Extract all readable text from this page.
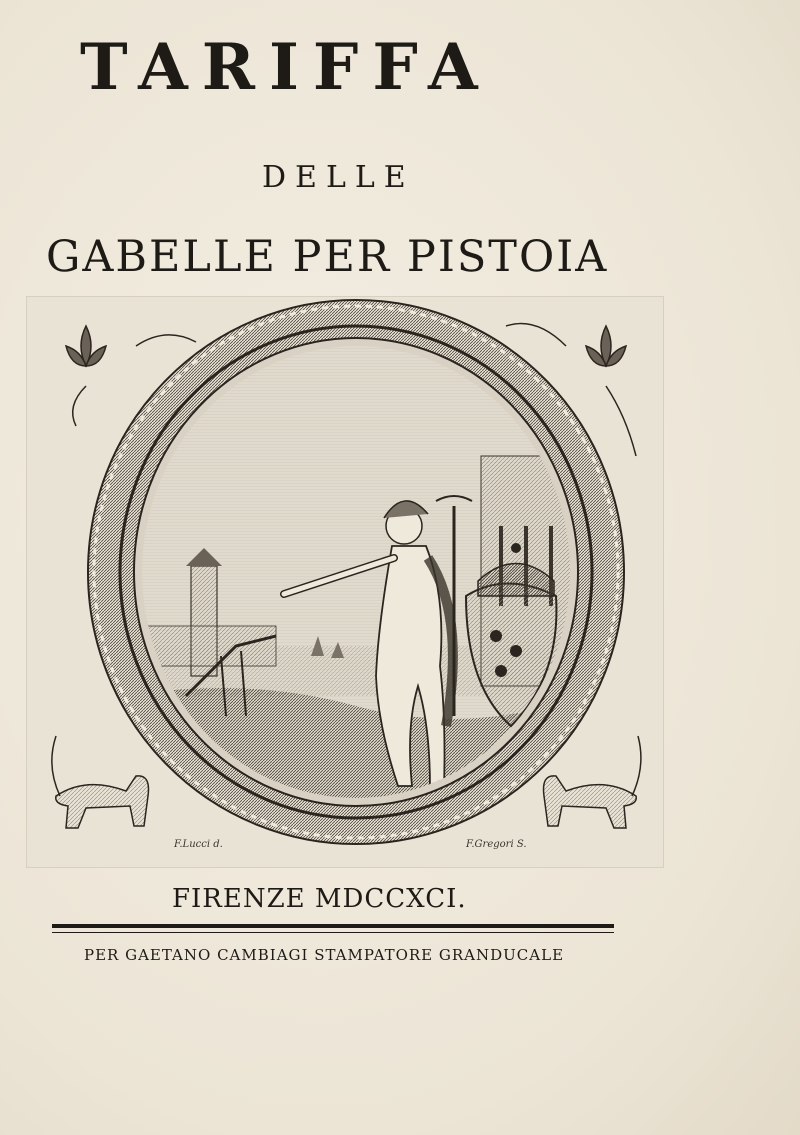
TARIFFA
DELLE
GABELLE PER PISTOIA
F.Lucci d.	F.Gregori S.
FIRENZE MDCCXCI.
PER GAETANO CAMBIAGI STAMPATORE GRANDUCALE
